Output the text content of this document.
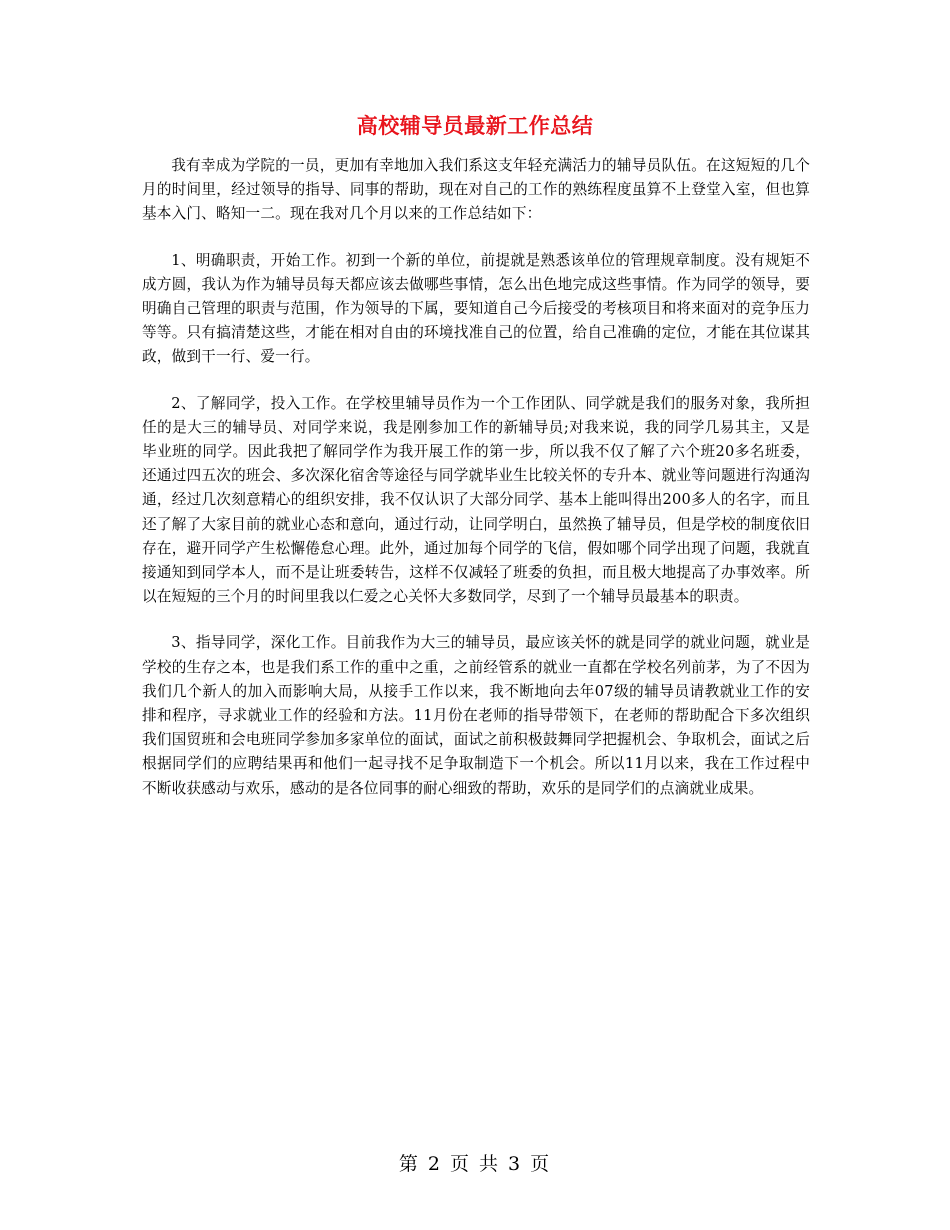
高校辅导员最新工作总结

我有幸成为学院的一员，更加有幸地加入我们系这支年轻充满活力的辅导员队伍。在这短短的几个月的时间里，经过领导的指导、同事的帮助，现在对自己的工作的熟练程度虽算不上登堂入室，但也算基本入门、略知一二。现在我对几个月以来的工作总结如下：

1、明确职责，开始工作。初到一个新的单位，前提就是熟悉该单位的管理规章制度。没有规矩不成方圆，我认为作为辅导员每天都应该去做哪些事情，怎么出色地完成这些事情。作为同学的领导，要明确自己管理的职责与范围，作为领导的下属，要知道自己今后接受的考核项目和将来面对的竞争压力等等。只有搞清楚这些，才能在相对自由的环境找准自己的位置，给自己准确的定位，才能在其位谋其政，做到干一行、爱一行。

2、了解同学，投入工作。在学校里辅导员作为一个工作团队、同学就是我们的服务对象，我所担任的是大三的辅导员、对同学来说，我是刚参加工作的新辅导员;对我来说，我的同学几易其主，又是毕业班的同学。因此我把了解同学作为我开展工作的第一步，所以我不仅了解了六个班20多名班委，还通过四五次的班会、多次深化宿舍等途径与同学就毕业生比较关怀的专升本、就业等问题进行沟通沟通，经过几次刻意精心的组织安排，我不仅认识了大部分同学、基本上能叫得出200多人的名字，而且还了解了大家目前的就业心态和意向，通过行动，让同学明白，虽然换了辅导员，但是学校的制度依旧存在，避开同学产生松懈倦怠心理。此外，通过加每个同学的飞信，假如哪个同学出现了问题，我就直接通知到同学本人，而不是让班委转告，这样不仅减轻了班委的负担，而且极大地提高了办事效率。所以在短短的三个月的时间里我以仁爱之心关怀大多数同学，尽到了一个辅导员最基本的职责。

3、指导同学，深化工作。目前我作为大三的辅导员，最应该关怀的就是同学的就业问题，就业是学校的生存之本，也是我们系工作的重中之重，之前经管系的就业一直都在学校名列前茅，为了不因为我们几个新人的加入而影响大局，从接手工作以来，我不断地向去年07级的辅导员请教就业工作的安排和程序，寻求就业工作的经验和方法。11月份在老师的指导带领下，在老师的帮助配合下多次组织我们国贸班和会电班同学参加多家单位的面试，面试之前积极鼓舞同学把握机会、争取机会，面试之后根据同学们的应聘结果再和他们一起寻找不足争取制造下一个机会。所以11月以来，我在工作过程中不断收获感动与欢乐，感动的是各位同事的耐心细致的帮助，欢乐的是同学们的点滴就业成果。

第 2 页 共 3 页
